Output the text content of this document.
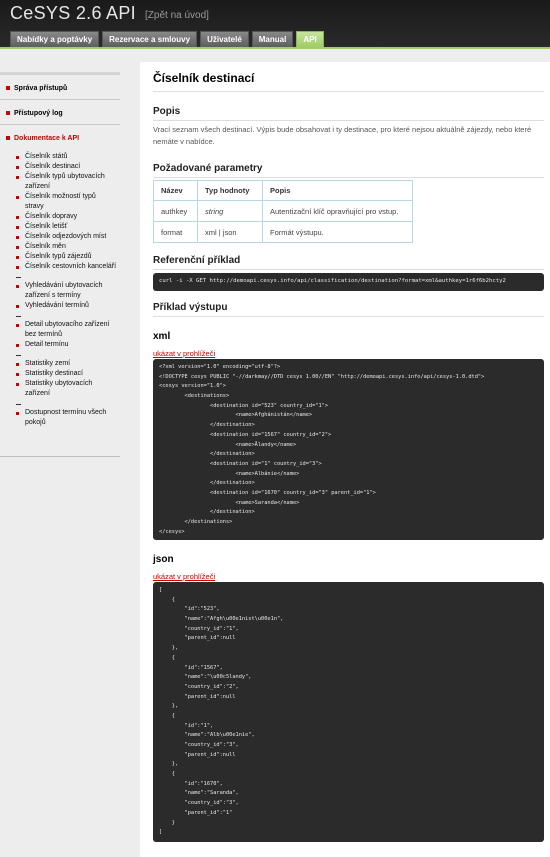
CeSYS 2.6 API [Zpět na úvod]
Nabídky a poptávky	Rezervace a smlouvy	Uživatelé	Manual	API
Správa přístupů
Přístupový log
Dokumentace k API
Číselník států
Číselník destinací
Číselník typů ubytovacích
zařízení
Číselník možností typů
stravy
Číselník dopravy
Číselník letišť
Číselník odjezdových míst
Číselník měn
Číselník typů zájezdů
Číselník cestovních kanceláří
Vyhledávání ubytovacích
zařízení s termíny
Vyhledávání termínů
Detail ubytovacího zařízení
bez termínů
Detail termínu
Statistiky zemí
Statistiky destinací
Statistiky ubytovacích
zařízení
Dostupnost termínu všech
pokojů
Číselník destinací
Popis
Vrací seznam všech destinací. Výpis bude obsahovat i ty destinace, pro které nejsou aktuálně zájezdy, nebo které nemáte v nabídce.
Požadované parametry
Název	Typ hodnoty	Popis
authkey	string	Autentizační klíč opravňující pro vstup.
format	xml | json	Formát výstupu.
Referenční příklad
curl -i -X GET http://demoapi.cesys.info/api/classification/destination?format=xml&authkey=1r6f6b2hcty2
Příklad výstupu
xml
ukázat v prohlížeči
<?xml version="1.0" encoding="utf-8"?>
<!DOCTYPE cesys PUBLIC "-//darkmay//DTD cesys 1.00//EN" "http://demoapi.cesys.info/api/cesys-1.0.dtd">
<cesys version="1.0">
<destinations>
<destination id="523" country_id="1">
<name>Afghánistán</name>
</destination>
<destination id="1567" country_id="2">
<name>Ålandy</name>
</destination>
<destination id="1" country_id="3">
<name>Albánie</name>
</destination>
<destination id="1670" country_id="3" parent_id="1">
<name>Saranda</name>
</destination>
</destinations>
</cesys>
json
ukázat v prohlížeči
[
{
"id":"523",
"name":"Afgh\u00e1nist\u00e1n",
"country_id":"1",
"parent_id":null
},
{
"id":"1567",
"name":"\u00c5landy",
"country_id":"2",
"parent_id":null
},
{
"id":"1",
"name":"Alb\u00e1nie",
"country_id":"3",
"parent_id":null
},
{
"id":"1670",
"name":"Saranda",
"country_id":"3",
"parent_id":"1"
}
]
